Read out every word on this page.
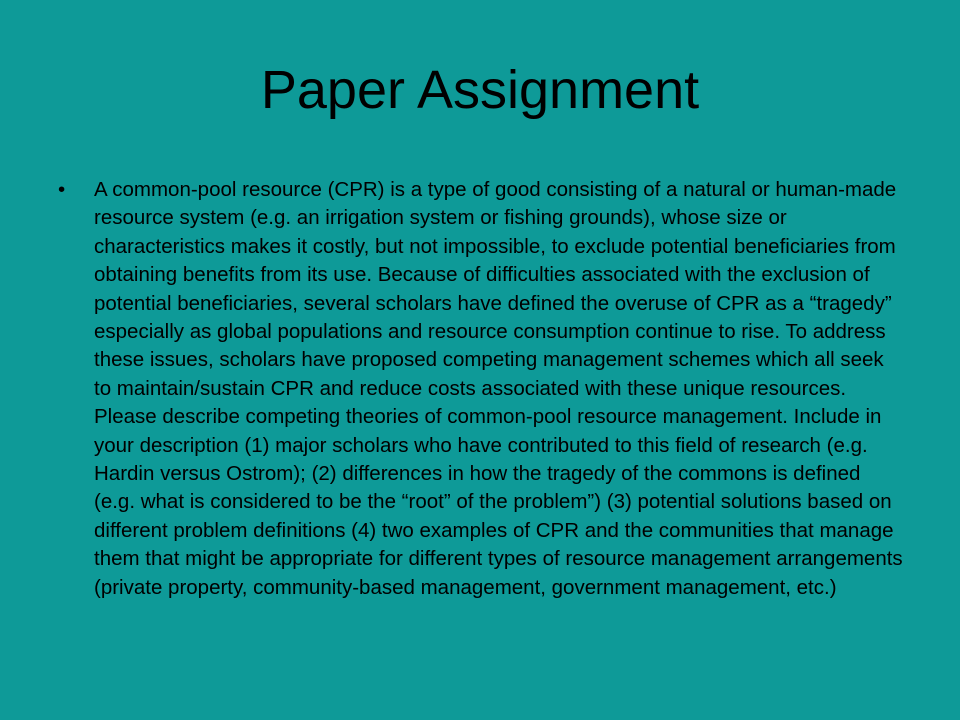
Paper Assignment
• A common-pool resource (CPR) is a type of good consisting of a natural or human-made resource system (e.g. an irrigation system or fishing grounds), whose size or characteristics makes it costly, but not impossible, to exclude potential beneficiaries from obtaining benefits from its use. Because of difficulties associated with the exclusion of potential beneficiaries, several scholars have defined the overuse of CPR as a “tragedy” especially as global populations and resource consumption continue to rise. To address these issues, scholars have proposed competing management schemes which all seek to maintain/sustain CPR and reduce costs associated with these unique resources. Please describe competing theories of common-pool resource management. Include in your description (1) major scholars who have contributed to this field of research (e.g. Hardin versus Ostrom); (2) differences in how the tragedy of the commons is defined (e.g. what is considered to be the “root” of the problem”) (3) potential solutions based on different problem definitions (4) two examples of CPR and the communities that manage them that might be appropriate for different types of resource management arrangements (private property, community-based management, government management, etc.)
